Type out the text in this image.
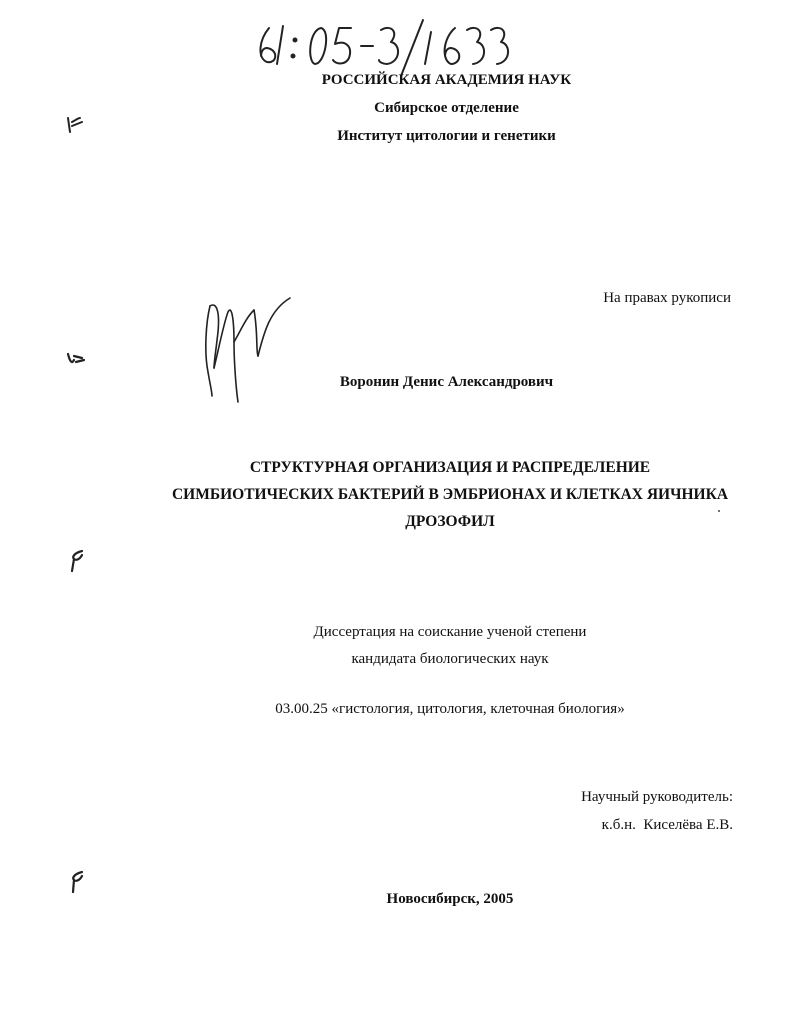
РОССИЙСКАЯ АКАДЕМИЯ НАУК
Сибирское отделение
Институт цитологии и генетики
На правах рукописи
Воронин Денис Александрович
СТРУКТУРНАЯ ОРГАНИЗАЦИЯ И РАСПРЕДЕЛЕНИЕ
СИМБИОТИЧЕСКИХ БАКТЕРИЙ В ЭМБРИОНАХ И КЛЕТКАХ ЯИЧНИКА
ДРОЗОФИЛ
Диссертация на соискание ученой степени
кандидата биологических наук
03.00.25 «гистология, цитология, клеточная биология»
Научный руководитель:
к.б.н.  Киселёва Е.В.
Новосибирск, 2005
